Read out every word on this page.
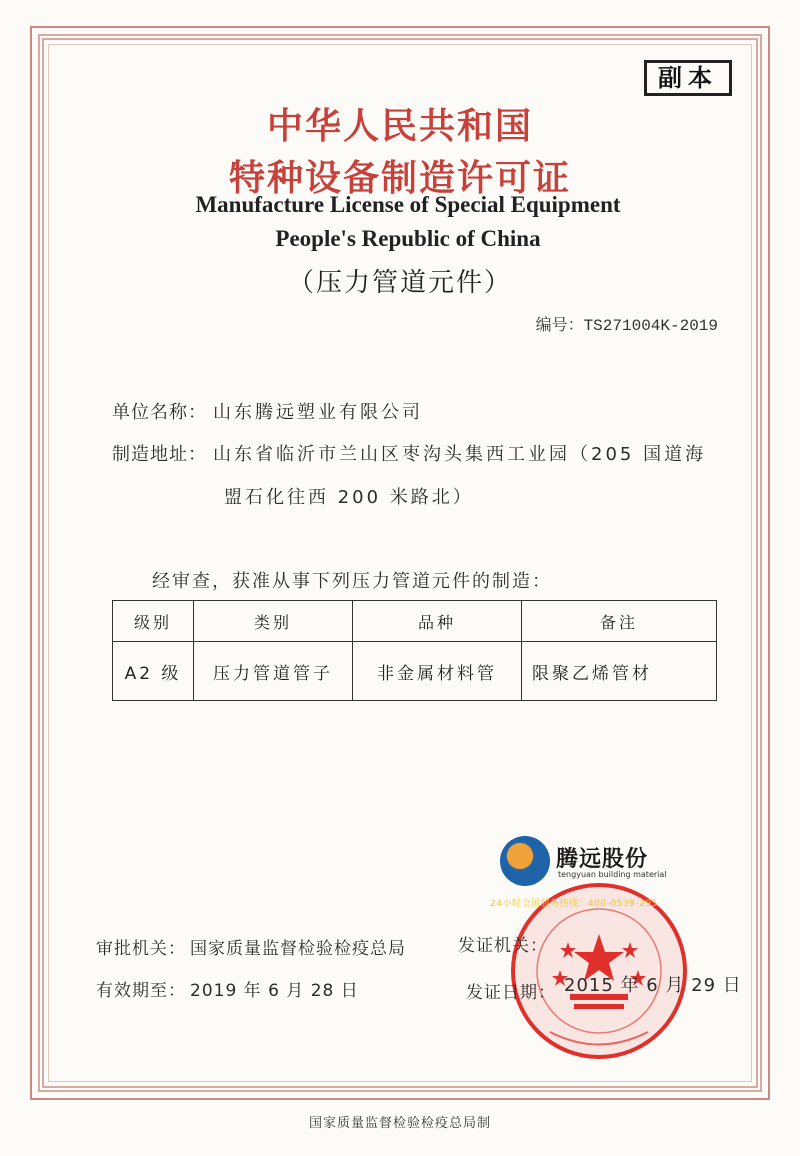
副本
中华人民共和国
特种设备制造许可证
Manufacture License of Special Equipment
People's Republic of China
（压力管道元件）
编号：TS271004K-2019
单位名称： 山东腾远塑业有限公司
制造地址： 山东省临沂市兰山区枣沟头集西工业园（205 国道海
盟石化往西 200 米路北）
经审查，获准从事下列压力管道元件的制造：
级别	类别	品种	备注
A2 级	压力管道管子	非金属材料管	限聚乙烯管材
腾远股份
tengyuan building material
24小时全国服务热线：400-0539-295
审批机关： 国家质量监督检验检疫总局
有效期至： 2019 年 6 月 28 日
发证机关：
发证日期： 2015 年 6 月 29 日
国家质量监督检验检疫总局制
